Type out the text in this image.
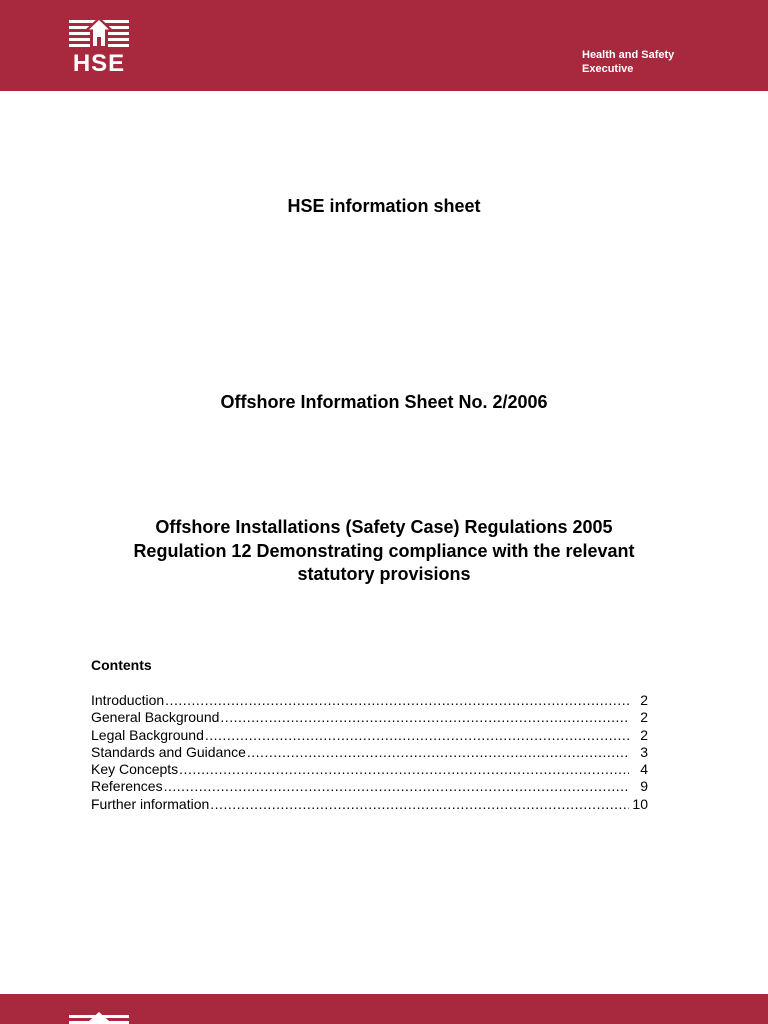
HSE	Health and Safety
Executive
HSE information sheet
Offshore Information Sheet No. 2/2006
Offshore Installations (Safety Case) Regulations 2005
Regulation 12 Demonstrating compliance with the relevant
statutory provisions
Contents
Introduction .....	2
General Background .....	2
Legal Background .....	2
Standards and Guidance .....	3
Key Concepts .....	4
References .....	9
Further information .....	10
